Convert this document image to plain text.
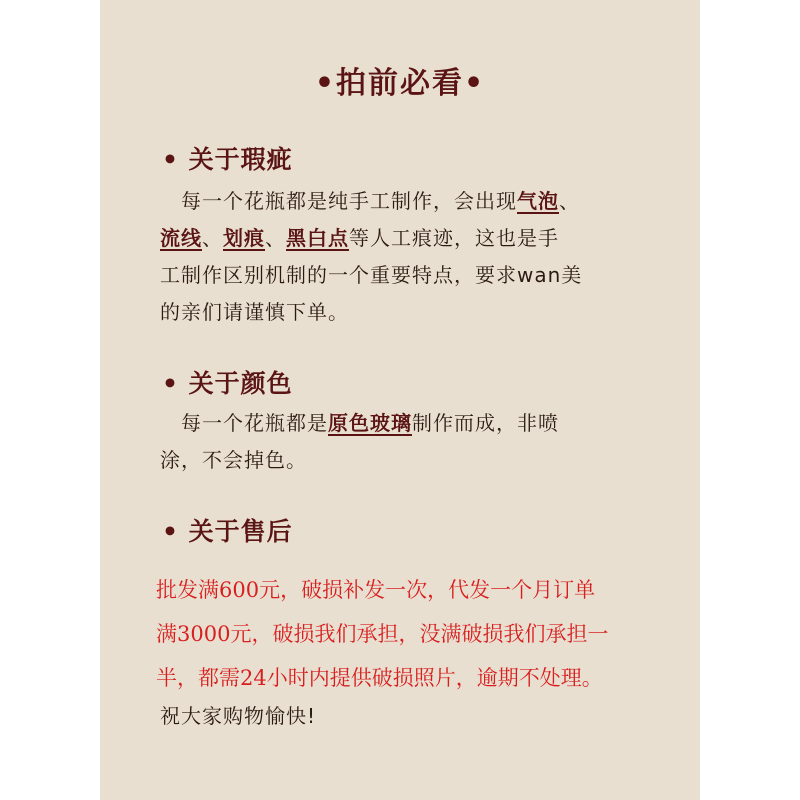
•拍前必看•
• 关于瑕疵
　每一个花瓶都是纯手工制作，会出现气泡、
流线、划痕、黑白点等人工痕迹，这也是手
工制作区别机制的一个重要特点，要求wan美
的亲们请谨慎下单。
• 关于颜色
　每一个花瓶都是原色玻璃制作而成，非喷
涂，不会掉色。
• 关于售后
批发满600元，破损补发一次，代发一个月订单
满3000元，破损我们承担，没满破损我们承担一
半，都需24小时内提供破损照片，逾期不处理。
祝大家购物愉快!
